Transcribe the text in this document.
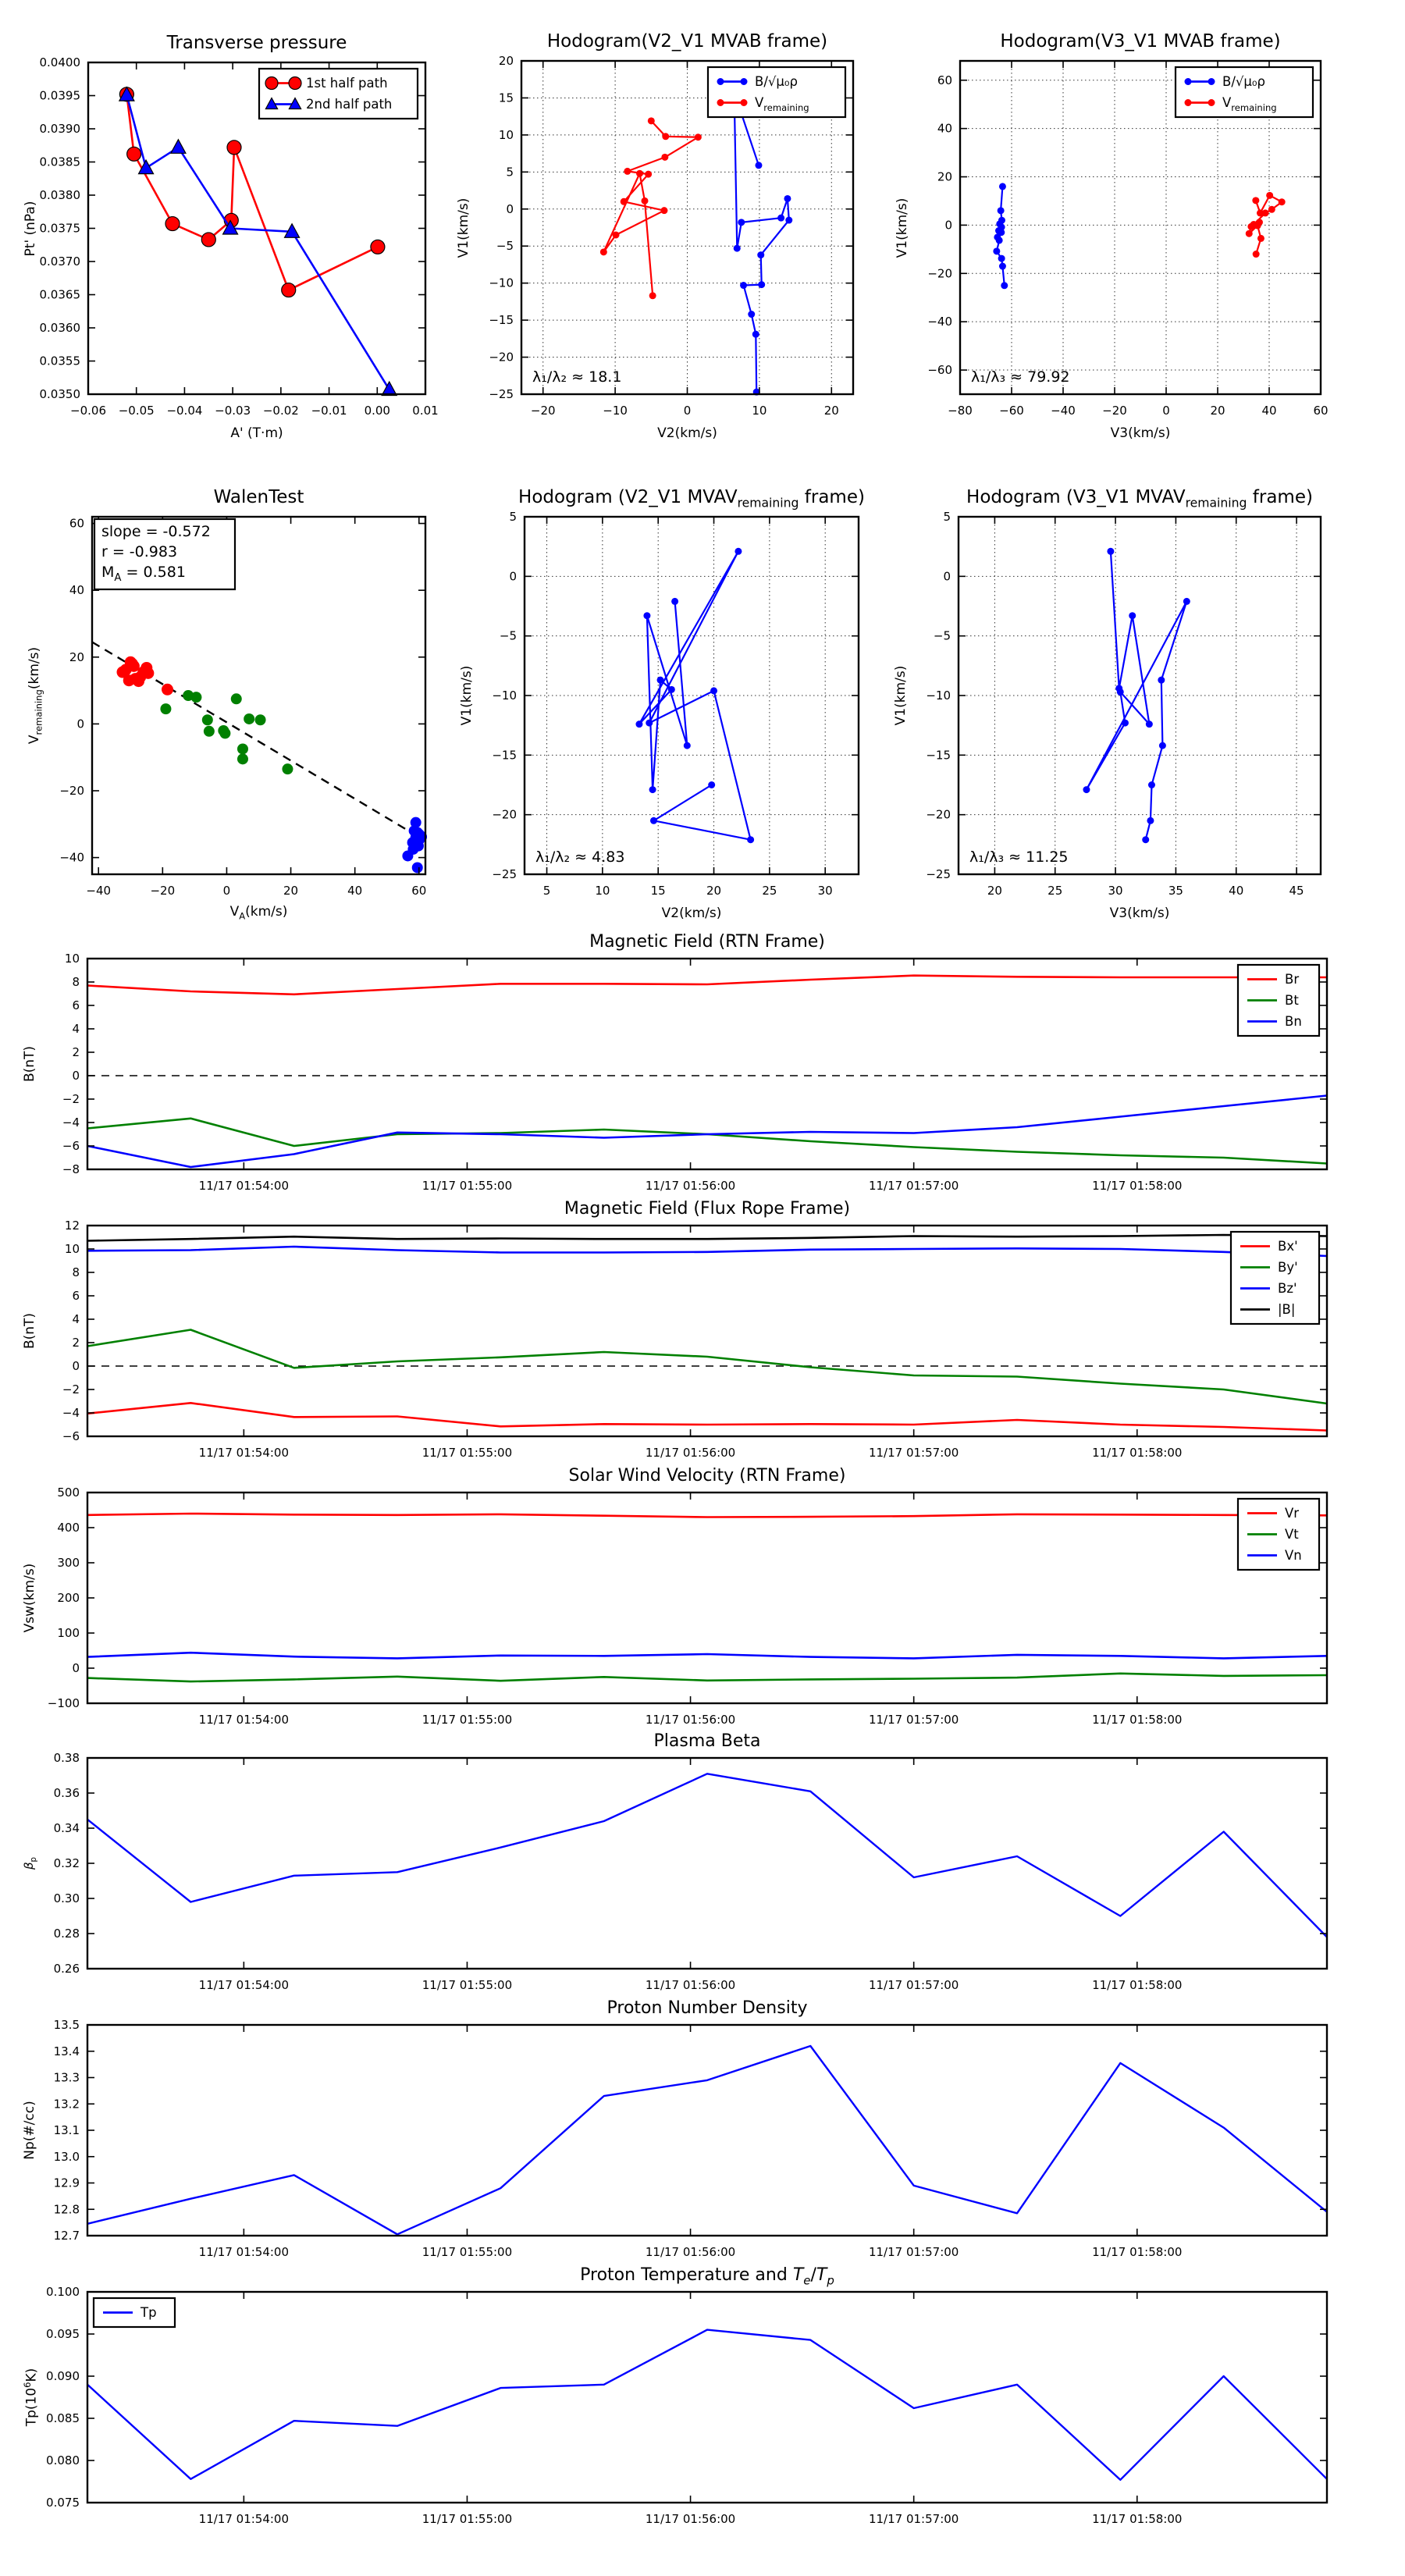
Transverse pressure
Pt' (nPa)
A' (T·m)
−0.06 −0.05 −0.04 −0.03 −0.02 −0.01 0.00 0.01
0.0350
0.0355
0.0360
0.0365
0.0370
0.0375
0.0380
0.0385
0.0390
0.0395
0.0400
1st half path
2nd half path
Hodogram(V2_V1 MVAB frame)
V1(km/s)
V2(km/s)
−20	−10	0	10	20
−25
−20
−15
−10
−5
0
5
10
15
20
λ₁/λ₂ ≈ 18.1
B/√μ₀ρ
$V_{remaining}$
Hodogram(V3_V1 MVAB frame)
V1(km/s)
V3(km/s)
−80 −60 −40 −20	0	20	40	60
−60
−40
−20
0
20
40
60
λ₁/λ₃ ≈ 79.92
B/√μ₀ρ
$V_{remaining}$
WalenTest
$V_{remaining}(km/s)$
$V_A(km/s)$
−40	−20	0	20	40	60
−40
−20
0
20
40
60 slope = -0.572
r = -0.983
$M_A = 0.581$
Hodogram (V2_V1 $MVAV_{remaining}$ frame)
V1(km/s)
V2(km/s)
5	10	15	20	25	30
−25
−20
−15
−10
−5
0
5
λ₁/λ₂ ≈ 4.83
Hodogram (V3_V1 $MVAV_{remaining}$ frame)
V1(km/s)
V3(km/s)
20	25	30	35	40	45
−25
−20
−15
−10
−5
0
5
λ₁/λ₃ ≈ 11.25
Magnetic Field (RTN Frame)
B(nT)
11/17 01:54:00	11/17 01:55:00	11/17 01:56:00	11/17 01:57:00	11/17 01:58:00
−8
−6
−4
−2
0
2
4
6
8
10
Br
Bt
Bn
Magnetic Field (Flux Rope Frame)
B(nT)
11/17 01:54:00	11/17 01:55:00	11/17 01:56:00	11/17 01:57:00	11/17 01:58:00
−6
−4
−2
0
2
4
6
8
10
12
Bx'
By'
Bz'
|B|
Solar Wind Velocity (RTN Frame)
Vsw(km/s)
11/17 01:54:00	11/17 01:55:00	11/17 01:56:00	11/17 01:57:00	11/17 01:58:00
−100
0
100
200
300
400
500
Vr
Vt
Vn
Plasma Beta
$\beta_p$
11/17 01:54:00	11/17 01:55:00	11/17 01:56:00	11/17 01:57:00	11/17 01:58:00
0.26
0.28
0.30
0.32
0.34
0.36
0.38
Proton Number Density
Np(#/cc)
11/17 01:54:00	11/17 01:55:00	11/17 01:56:00	11/17 01:57:00	11/17 01:58:00
12.7
12.8
12.9
13.0
13.1
13.2
13.3
13.4
13.5
Proton Temperature and $T_e/T_p$
$Tp(10^6K)$
11/17 01:54:00	11/17 01:55:00	11/17 01:56:00	11/17 01:57:00	11/17 01:58:00
0.075
0.080
0.085
0.090
0.095
0.100
Tp
